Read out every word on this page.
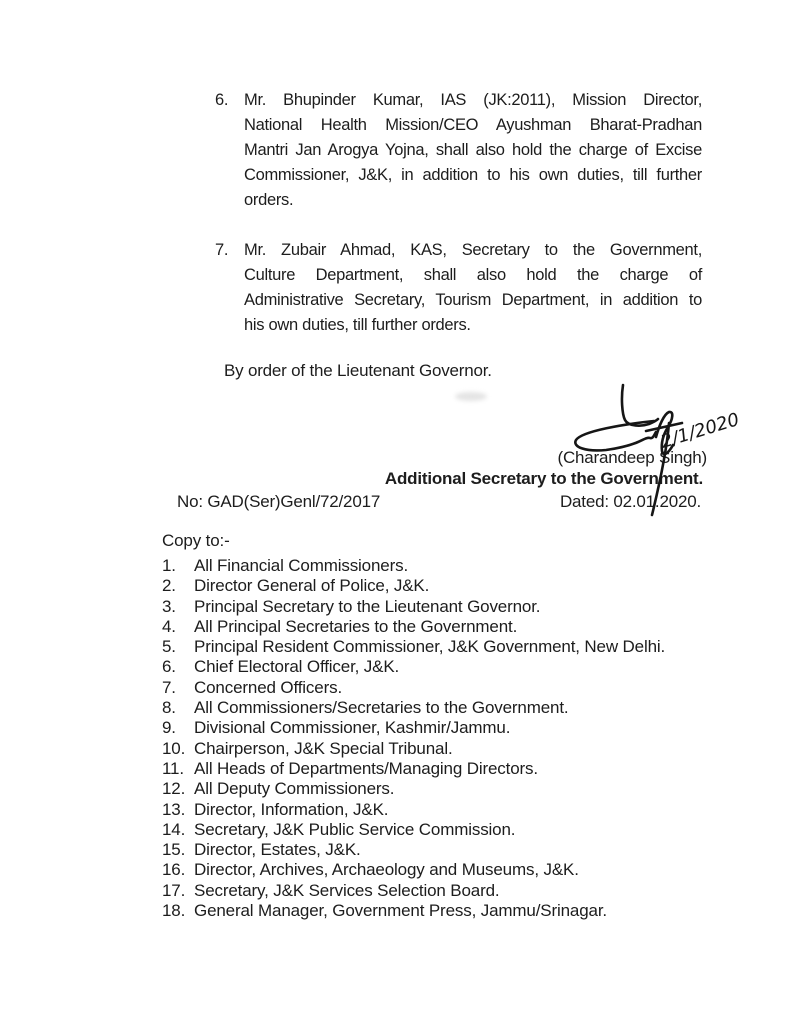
6. Mr. Bhupinder Kumar, IAS (JK:2011), Mission Director,
National Health Mission/CEO Ayushman Bharat-Pradhan
Mantri Jan Arogya Yojna, shall also hold the charge of Excise
Commissioner, J&K, in addition to his own duties, till further
orders.
7. Mr. Zubair Ahmad, KAS, Secretary to the Government,
Culture Department, shall also hold the charge of
Administrative Secretary, Tourism Department, in addition to
his own duties, till further orders.
By order of the Lieutenant Governor.
2/1/2020
(Charandeep Singh)
Additional Secretary to the Government.
No: GAD(Ser)Genl/72/2017	Dated: 02.01.2020.
Copy to:-
1.	All Financial Commissioners.
2.	Director General of Police, J&K.
3.	Principal Secretary to the Lieutenant Governor.
4.	All Principal Secretaries to the Government.
5.	Principal Resident Commissioner, J&K Government, New Delhi.
6.	Chief Electoral Officer, J&K.
7.	Concerned Officers.
8.	All Commissioners/Secretaries to the Government.
9.	Divisional Commissioner, Kashmir/Jammu.
10. Chairperson, J&K Special Tribunal.
11. All Heads of Departments/Managing Directors.
12. All Deputy Commissioners.
13. Director, Information, J&K.
14. Secretary, J&K Public Service Commission.
15. Director, Estates, J&K.
16. Director, Archives, Archaeology and Museums, J&K.
17. Secretary, J&K Services Selection Board.
18. General Manager, Government Press, Jammu/Srinagar.
